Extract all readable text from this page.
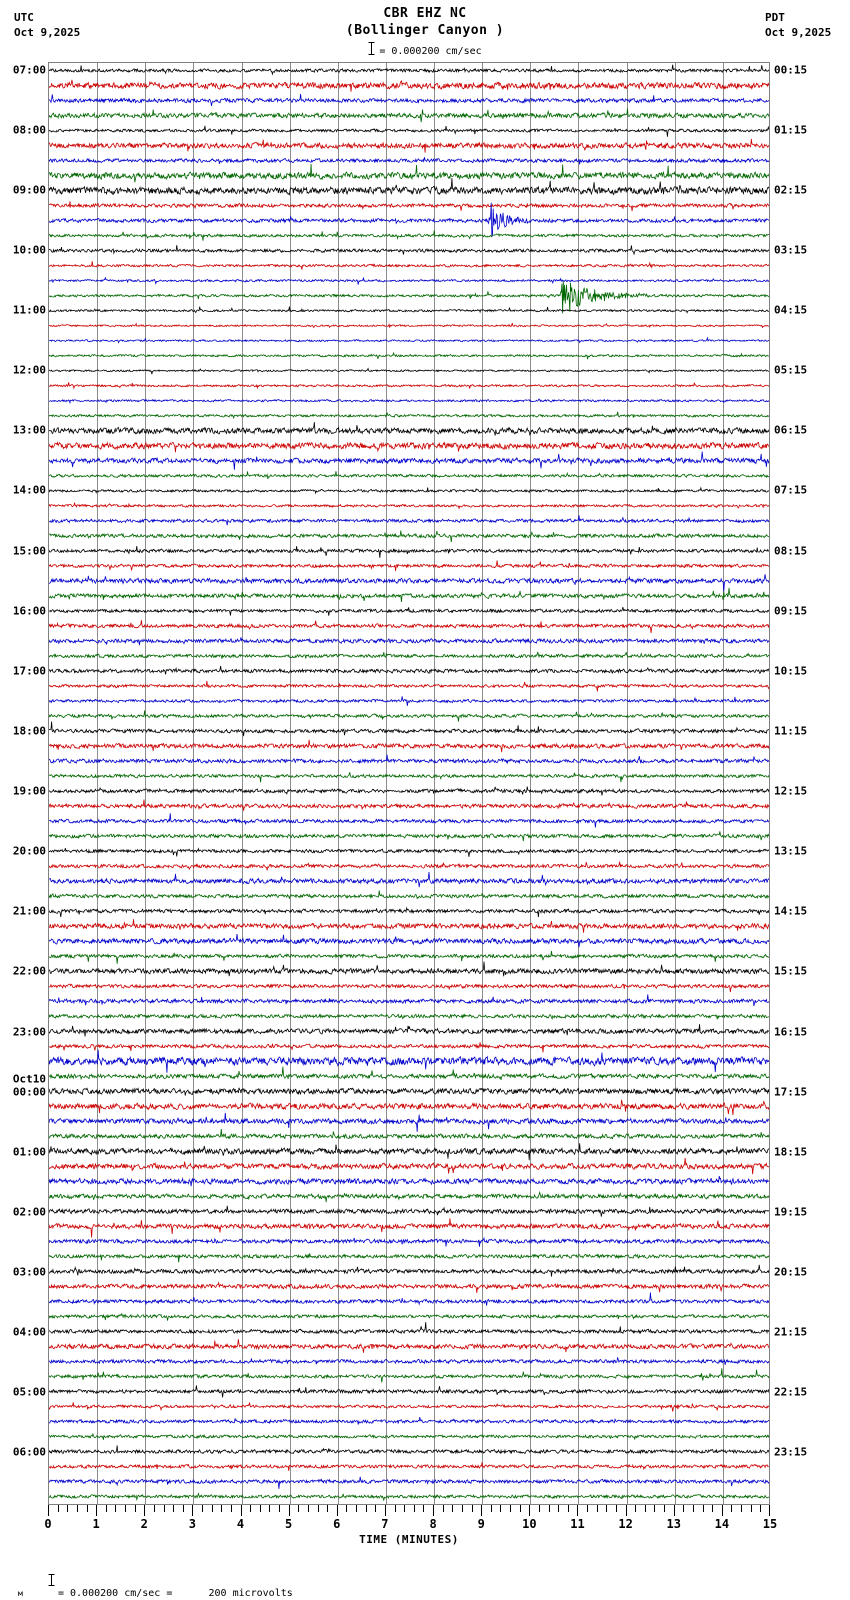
UTC
Oct 9,2025
CBR EHZ NC
(Bollinger Canyon )
= 0.000200 cm/sec
PDT
Oct 9,2025
07:00
08:00
09:00
10:00
11:00
12:00
13:00
14:00
15:00
16:00
17:00
18:00
19:00
20:00
21:00
22:00
23:00
00:00
Oct10
01:00
02:00
03:00
04:00
05:00
06:00
00:15
01:15
02:15
03:15
04:15
05:15
06:15
07:15
08:15
09:15
10:15
11:15
12:15
13:15
14:15
15:15
16:15
17:15
18:15
19:15
20:15
21:15
22:15
23:15
0	1	2	3	4	5	6	7	8	9	10	11	12	13	14	15
TIME (MINUTES)

м
	= 0.000200 cm/sec =      200 microvolts
